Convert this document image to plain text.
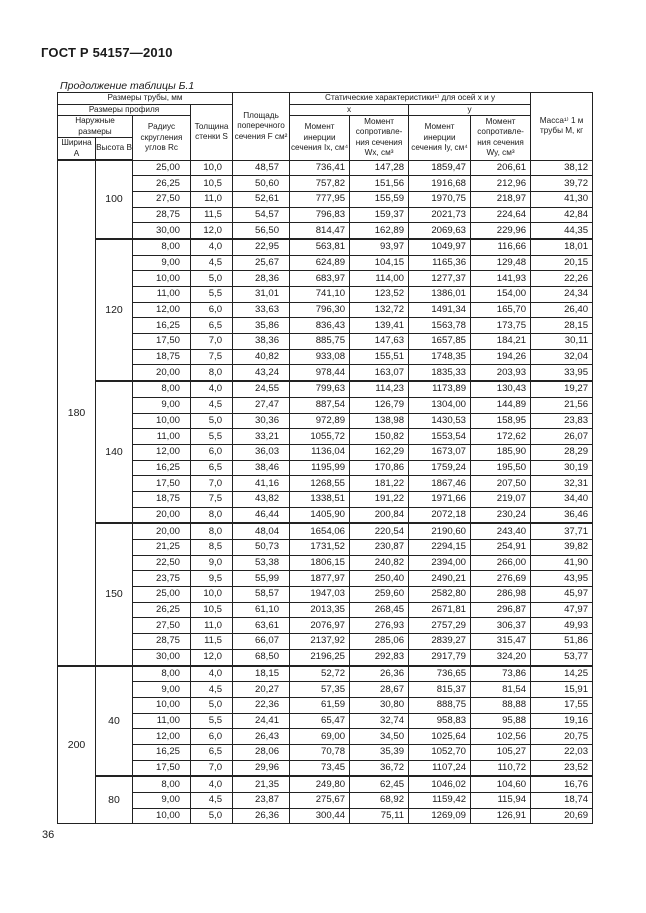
ГОСТ Р 54157—2010
Продолжение таблицы Б.1
Размеры трубы, мм				Площадь поперечного сечения F см²	Статические характеристики¹⁾ для осей x и y				Масса¹⁾ 1 м трубы M, кг
Размеры профиля			Толщина стенки S		x		y		
Наружные размеры		Радиус скругления углов Rc			Момент инерции сечения Ix, см⁴	Момент сопротивле-ния сечения Wx, см³	Момент инерции сечения Iy, см⁴	Момент сопротивле-ния сечения Wy, см³	
Ширина A	Высота B								
180	100	25,00	10,0	48,57	736,41	147,28	1859,47	206,61	38,12
		26,25	10,5	50,60	757,82	151,56	1916,68	212,96	39,72
		27,50	11,0	52,61	777,95	155,59	1970,75	218,97	41,30
		28,75	11,5	54,57	796,83	159,37	2021,73	224,64	42,84
		30,00	12,0	56,50	814,47	162,89	2069,63	229,96	44,35
	120	8,00	4,0	22,95	563,81	93,97	1049,97	116,66	18,01
		9,00	4,5	25,67	624,89	104,15	1165,36	129,48	20,15
		10,00	5,0	28,36	683,97	114,00	1277,37	141,93	22,26
		11,00	5,5	31,01	741,10	123,52	1386,01	154,00	24,34
		12,00	6,0	33,63	796,30	132,72	1491,34	165,70	26,40
		16,25	6,5	35,86	836,43	139,41	1563,78	173,75	28,15
		17,50	7,0	38,36	885,75	147,63	1657,85	184,21	30,11
		18,75	7,5	40,82	933,08	155,51	1748,35	194,26	32,04
		20,00	8,0	43,24	978,44	163,07	1835,33	203,93	33,95
	140	8,00	4,0	24,55	799,63	114,23	1173,89	130,43	19,27
		9,00	4,5	27,47	887,54	126,79	1304,00	144,89	21,56
		10,00	5,0	30,36	972,89	138,98	1430,53	158,95	23,83
		11,00	5,5	33,21	1055,72	150,82	1553,54	172,62	26,07
		12,00	6,0	36,03	1136,04	162,29	1673,07	185,90	28,29
		16,25	6,5	38,46	1195,99	170,86	1759,24	195,50	30,19
		17,50	7,0	41,16	1268,55	181,22	1867,46	207,50	32,31
		18,75	7,5	43,82	1338,51	191,22	1971,66	219,07	34,40
		20,00	8,0	46,44	1405,90	200,84	2072,18	230,24	36,46
	150	20,00	8,0	48,04	1654,06	220,54	2190,60	243,40	37,71
		21,25	8,5	50,73	1731,52	230,87	2294,15	254,91	39,82
		22,50	9,0	53,38	1806,15	240,82	2394,00	266,00	41,90
		23,75	9,5	55,99	1877,97	250,40	2490,21	276,69	43,95
		25,00	10,0	58,57	1947,03	259,60	2582,80	286,98	45,97
		26,25	10,5	61,10	2013,35	268,45	2671,81	296,87	47,97
		27,50	11,0	63,61	2076,97	276,93	2757,29	306,37	49,93
		28,75	11,5	66,07	2137,92	285,06	2839,27	315,47	51,86
		30,00	12,0	68,50	2196,25	292,83	2917,79	324,20	53,77
200	40	8,00	4,0	18,15	52,72	26,36	736,65	73,86	14,25
		9,00	4,5	20,27	57,35	28,67	815,37	81,54	15,91
		10,00	5,0	22,36	61,59	30,80	888,75	88,88	17,55
		11,00	5,5	24,41	65,47	32,74	958,83	95,88	19,16
		12,00	6,0	26,43	69,00	34,50	1025,64	102,56	20,75
		16,25	6,5	28,06	70,78	35,39	1052,70	105,27	22,03
		17,50	7,0	29,96	73,45	36,72	1107,24	110,72	23,52
	80	8,00	4,0	21,35	249,80	62,45	1046,02	104,60	16,76
		9,00	4,5	23,87	275,67	68,92	1159,42	115,94	18,74
		10,00	5,0	26,36	300,44	75,11	1269,09	126,91	20,69
36
